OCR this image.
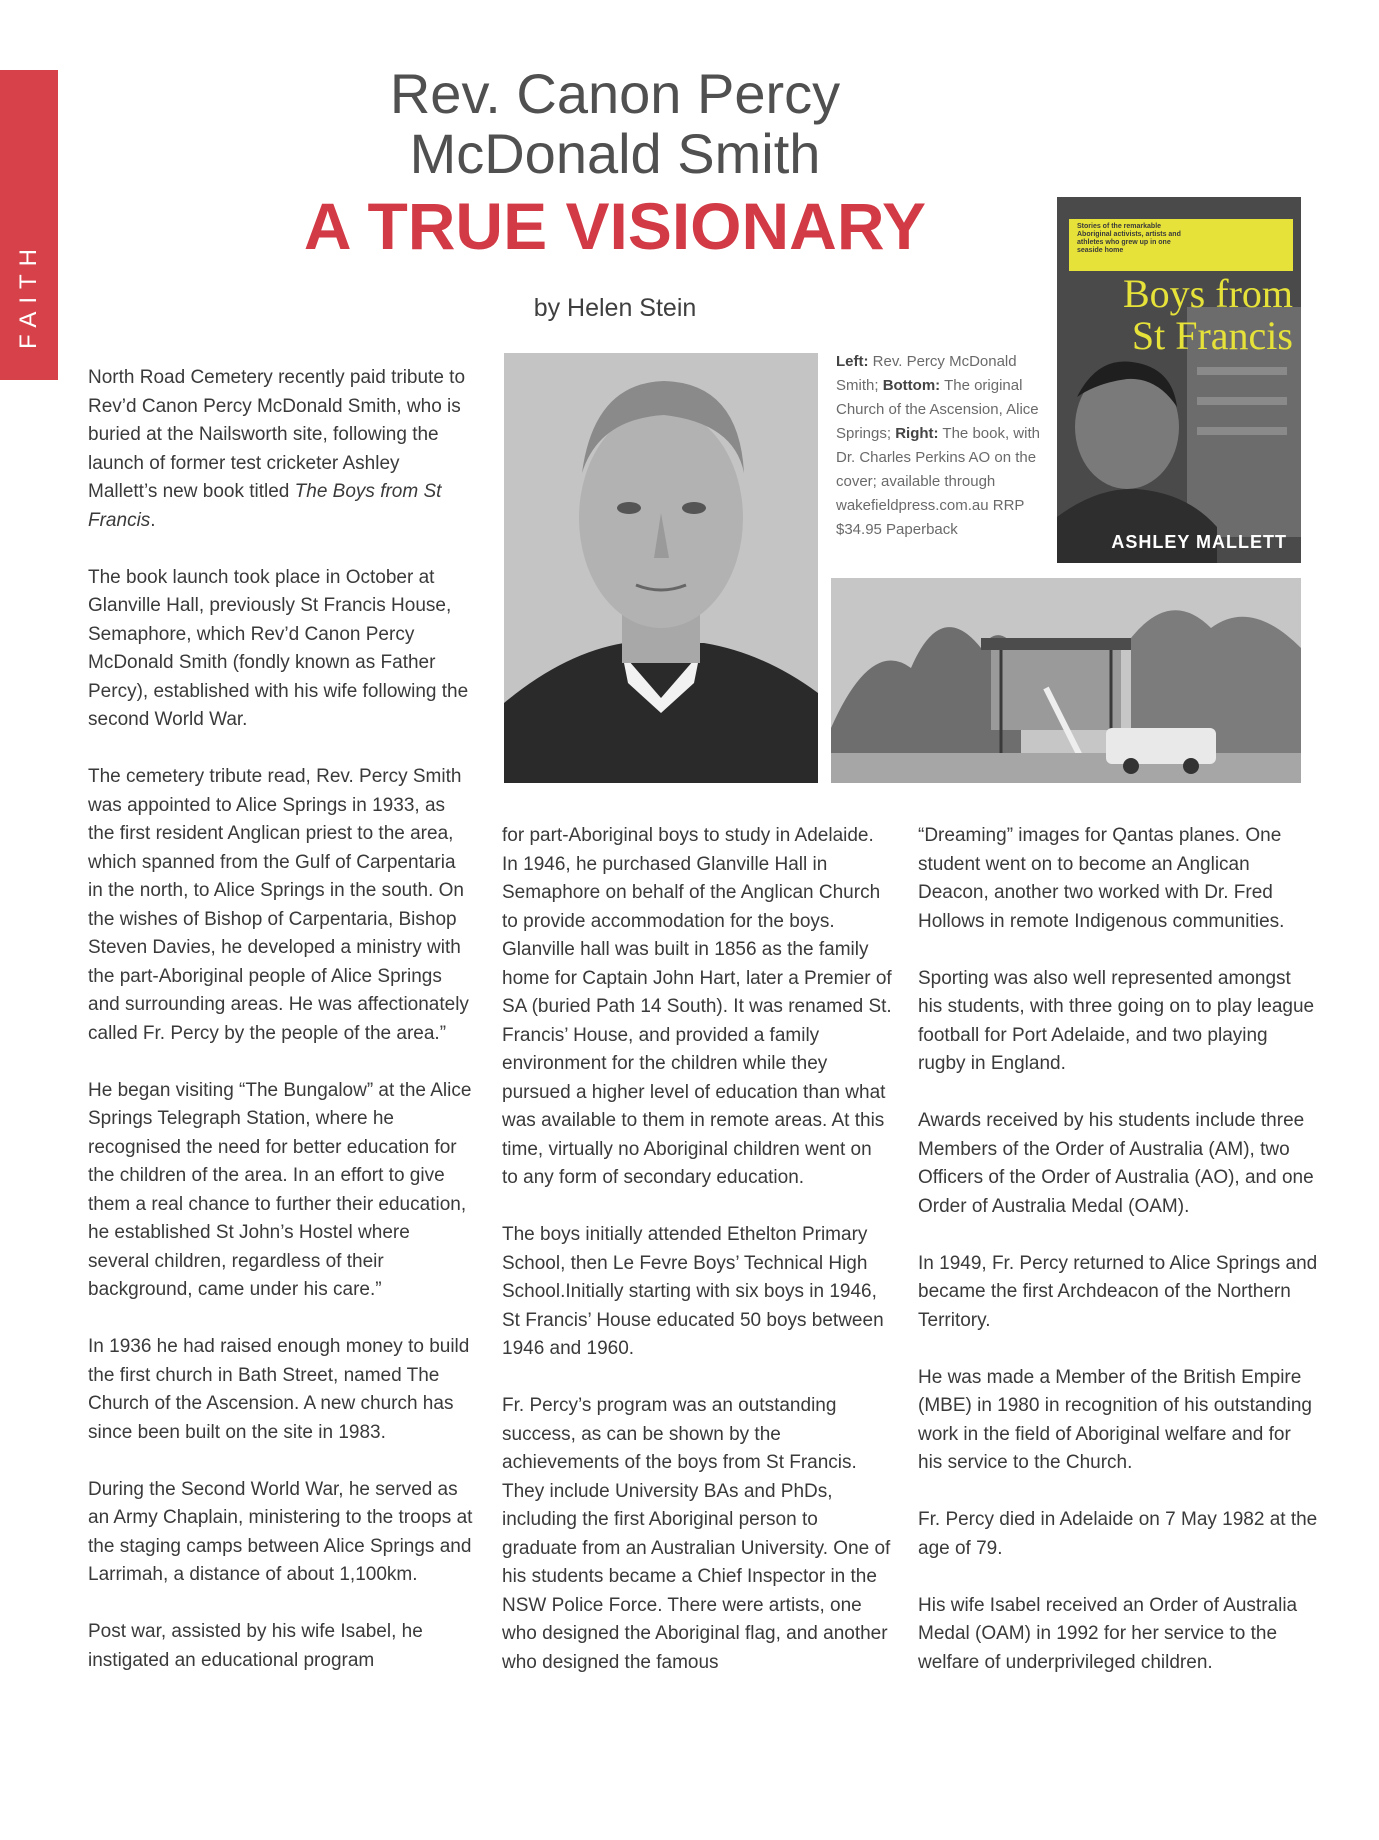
FAITH
Rev. Canon Percy
McDonald Smith
A TRUE VISIONARY
by Helen Stein
Left: Rev. Percy McDonald Smith; Bottom: The original Church of the Ascension, Alice Springs; Right: The book, with Dr. Charles Perkins AO on the cover; available through wakefieldpress.com.au RRP $34.95 Paperback
Stories of the remarkable Aboriginal activists, artists and athletes who grew up in one seaside home	The
Boys from
St Francis
ASHLEY MALLETT

North Road Cemetery recently paid tribute to Rev’d Canon Percy McDonald Smith, who is buried at the Nailsworth site, following the launch of former test cricketer Ashley Mallett’s new book titled The Boys from St Francis.

The book launch took place in October at Glanville Hall, previously St Francis House, Semaphore, which Rev’d Canon Percy McDonald Smith (fondly known as Father Percy), established with his wife following the second World War.

The cemetery tribute read, Rev. Percy Smith was appointed to Alice Springs in 1933, as the first resident Anglican priest to the area, which spanned from the Gulf of Carpentaria in the north, to Alice Springs in the south. On the wishes of Bishop of Carpentaria, Bishop Steven Davies, he developed a ministry with the part-Aboriginal people of Alice Springs and surrounding areas. He was affectionately called Fr. Percy by the people of the area.”

He began visiting “The Bungalow” at the Alice Springs Telegraph Station, where he recognised the need for better education for the children of the area. In an effort to give them a real chance to further their education, he established St John’s Hostel where several children, regardless of their background, came under his care.”

In 1936 he had raised enough money to build the first church in Bath Street, named The Church of the Ascension. A new church has since been built on the site in 1983.

During the Second World War, he served as an Army Chaplain, ministering to the troops at the staging camps between Alice Springs and Larrimah, a distance of about 1,100km.

Post war, assisted by his wife Isabel, he instigated an educational program

for part-Aboriginal boys to study in Adelaide. In 1946, he purchased Glanville Hall in Semaphore on behalf of the Anglican Church to provide accommodation for the boys. Glanville hall was built in 1856 as the family home for Captain John Hart, later a Premier of SA (buried Path 14 South). It was renamed St. Francis’ House, and provided a family environment for the children while they pursued a higher level of education than what was available to them in remote areas. At this time, virtually no Aboriginal children went on to any form of secondary education.

The boys initially attended Ethelton Primary School, then Le Fevre Boys’ Technical High School.Initially starting with six boys in 1946, St Francis’ House educated 50 boys between 1946 and 1960.

Fr. Percy’s program was an outstanding success, as can be shown by the achievements of the boys from St Francis. They include University BAs and PhDs, including the first Aboriginal person to graduate from an Australian University. One of his students became a Chief Inspector in the NSW Police Force. There were artists, one who designed the Aboriginal flag, and another who designed the famous

“Dreaming” images for Qantas planes. One student went on to become an Anglican Deacon, another two worked with Dr. Fred Hollows in remote Indigenous communities.

Sporting was also well represented amongst his students, with three going on to play league football for Port Adelaide, and two playing rugby in England.

Awards received by his students include three Members of the Order of Australia (AM), two Officers of the Order of Australia (AO), and one Order of Australia Medal (OAM).

In 1949, Fr. Percy returned to Alice Springs and became the first Archdeacon of the Northern Territory.

He was made a Member of the British Empire (MBE) in 1980 in recognition of his outstanding work in the field of Aboriginal welfare and for his service to the Church.

Fr. Percy died in Adelaide on 7 May 1982 at the age of 79.

His wife Isabel received an Order of Australia Medal (OAM) in 1992 for her service to the welfare of underprivileged children.
